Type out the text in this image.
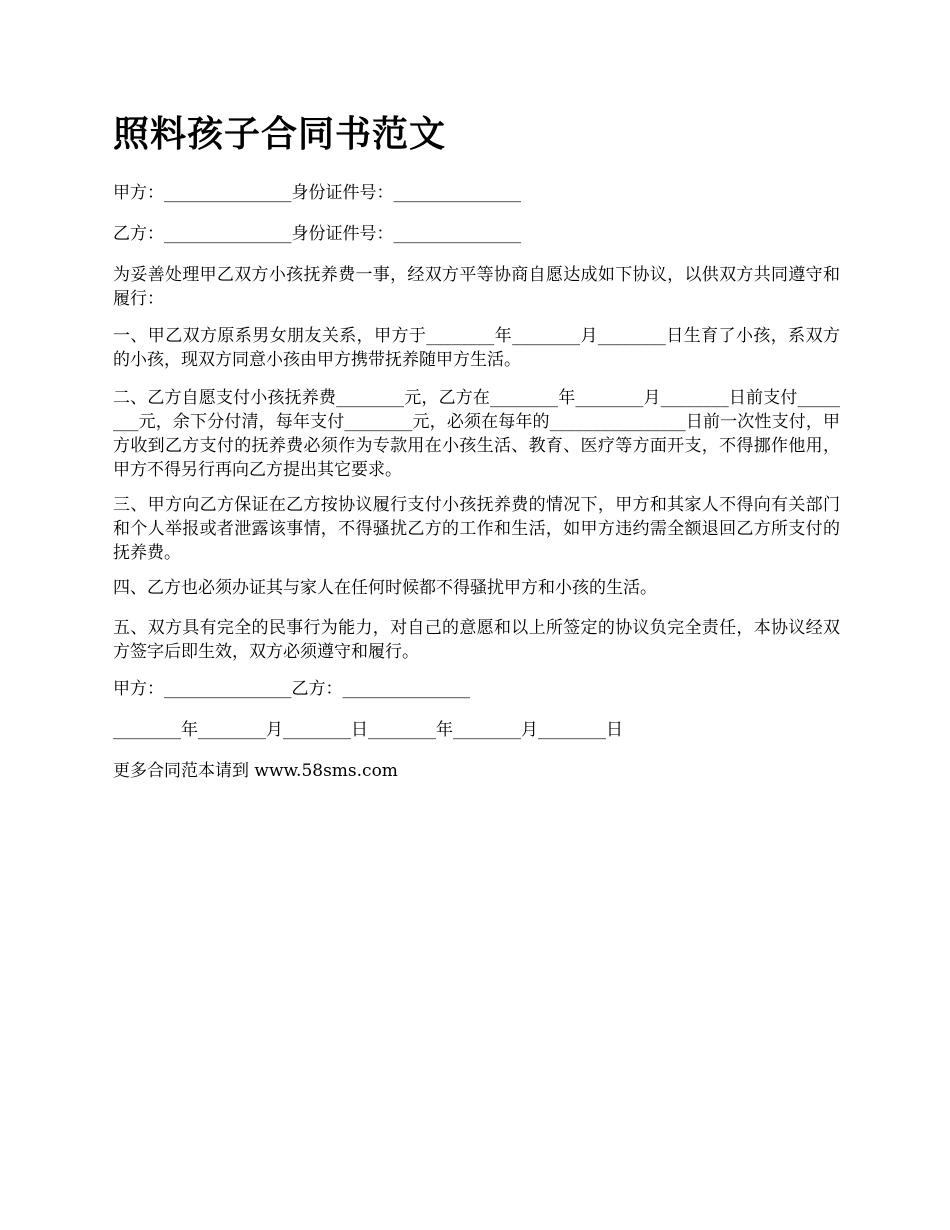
照料孩子合同书范文

甲方：_______________身份证件号：_______________

乙方：_______________身份证件号：_______________

为妥善处理甲乙双方小孩抚养费一事，经双方平等协商自愿达成如下协议，以供双方共同遵守和履行：

一、甲乙双方原系男女朋友关系，甲方于________年________月________日生育了小孩，系双方的小孩，现双方同意小孩由甲方携带抚养随甲方生活。

二、乙方自愿支付小孩抚养费________元，乙方在________年________月________日前支付________元，余下分付清，每年支付________元，必须在每年的________________日前一次性支付，甲方收到乙方支付的抚养费必须作为专款用在小孩生活、教育、医疗等方面开支，不得挪作他用，甲方不得另行再向乙方提出其它要求。

三、甲方向乙方保证在乙方按协议履行支付小孩抚养费的情况下，甲方和其家人不得向有关部门和个人举报或者泄露该事情，不得骚扰乙方的工作和生活，如甲方违约需全额退回乙方所支付的抚养费。

四、乙方也必须办证其与家人在任何时候都不得骚扰甲方和小孩的生活。

五、双方具有完全的民事行为能力，对自己的意愿和以上所签定的协议负完全责任，本协议经双方签字后即生效，双方必须遵守和履行。

甲方：_______________乙方：_______________

________年________月________日________年________月________日

更多合同范本请到 www.58sms.com
